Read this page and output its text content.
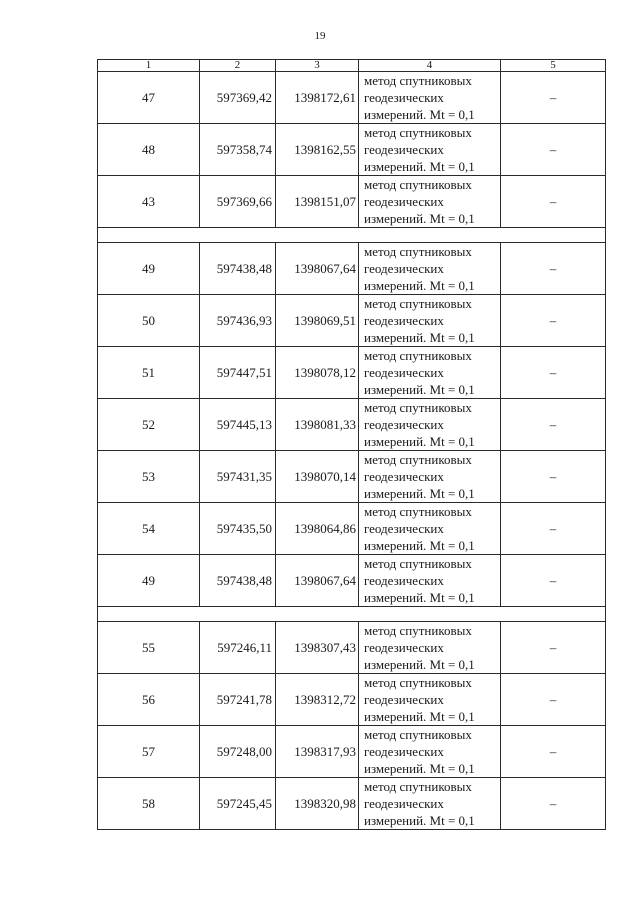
19
1	2	3	4	5
47	597369,42	1398172,61	метод спутниковых
геодезических
измерений. Mt = 0,1	–
48	597358,74	1398162,55	метод спутниковых
геодезических
измерений. Mt = 0,1	–
43	597369,66	1398151,07	метод спутниковых
геодезических
измерений. Mt = 0,1	–

49	597438,48	1398067,64	метод спутниковых
геодезических
измерений. Mt = 0,1	–
50	597436,93	1398069,51	метод спутниковых
геодезических
измерений. Mt = 0,1	–
51	597447,51	1398078,12	метод спутниковых
геодезических
измерений. Mt = 0,1	–
52	597445,13	1398081,33	метод спутниковых
геодезических
измерений. Mt = 0,1	–
53	597431,35	1398070,14	метод спутниковых
геодезических
измерений. Mt = 0,1	–
54	597435,50	1398064,86	метод спутниковых
геодезических
измерений. Mt = 0,1	–
49	597438,48	1398067,64	метод спутниковых
геодезических
измерений. Mt = 0,1	–

55	597246,11	1398307,43	метод спутниковых
геодезических
измерений. Mt = 0,1	–
56	597241,78	1398312,72	метод спутниковых
геодезических
измерений. Mt = 0,1	–
57	597248,00	1398317,93	метод спутниковых
геодезических
измерений. Mt = 0,1	–
58	597245,45	1398320,98	метод спутниковых
геодезических
измерений. Mt = 0,1	–
